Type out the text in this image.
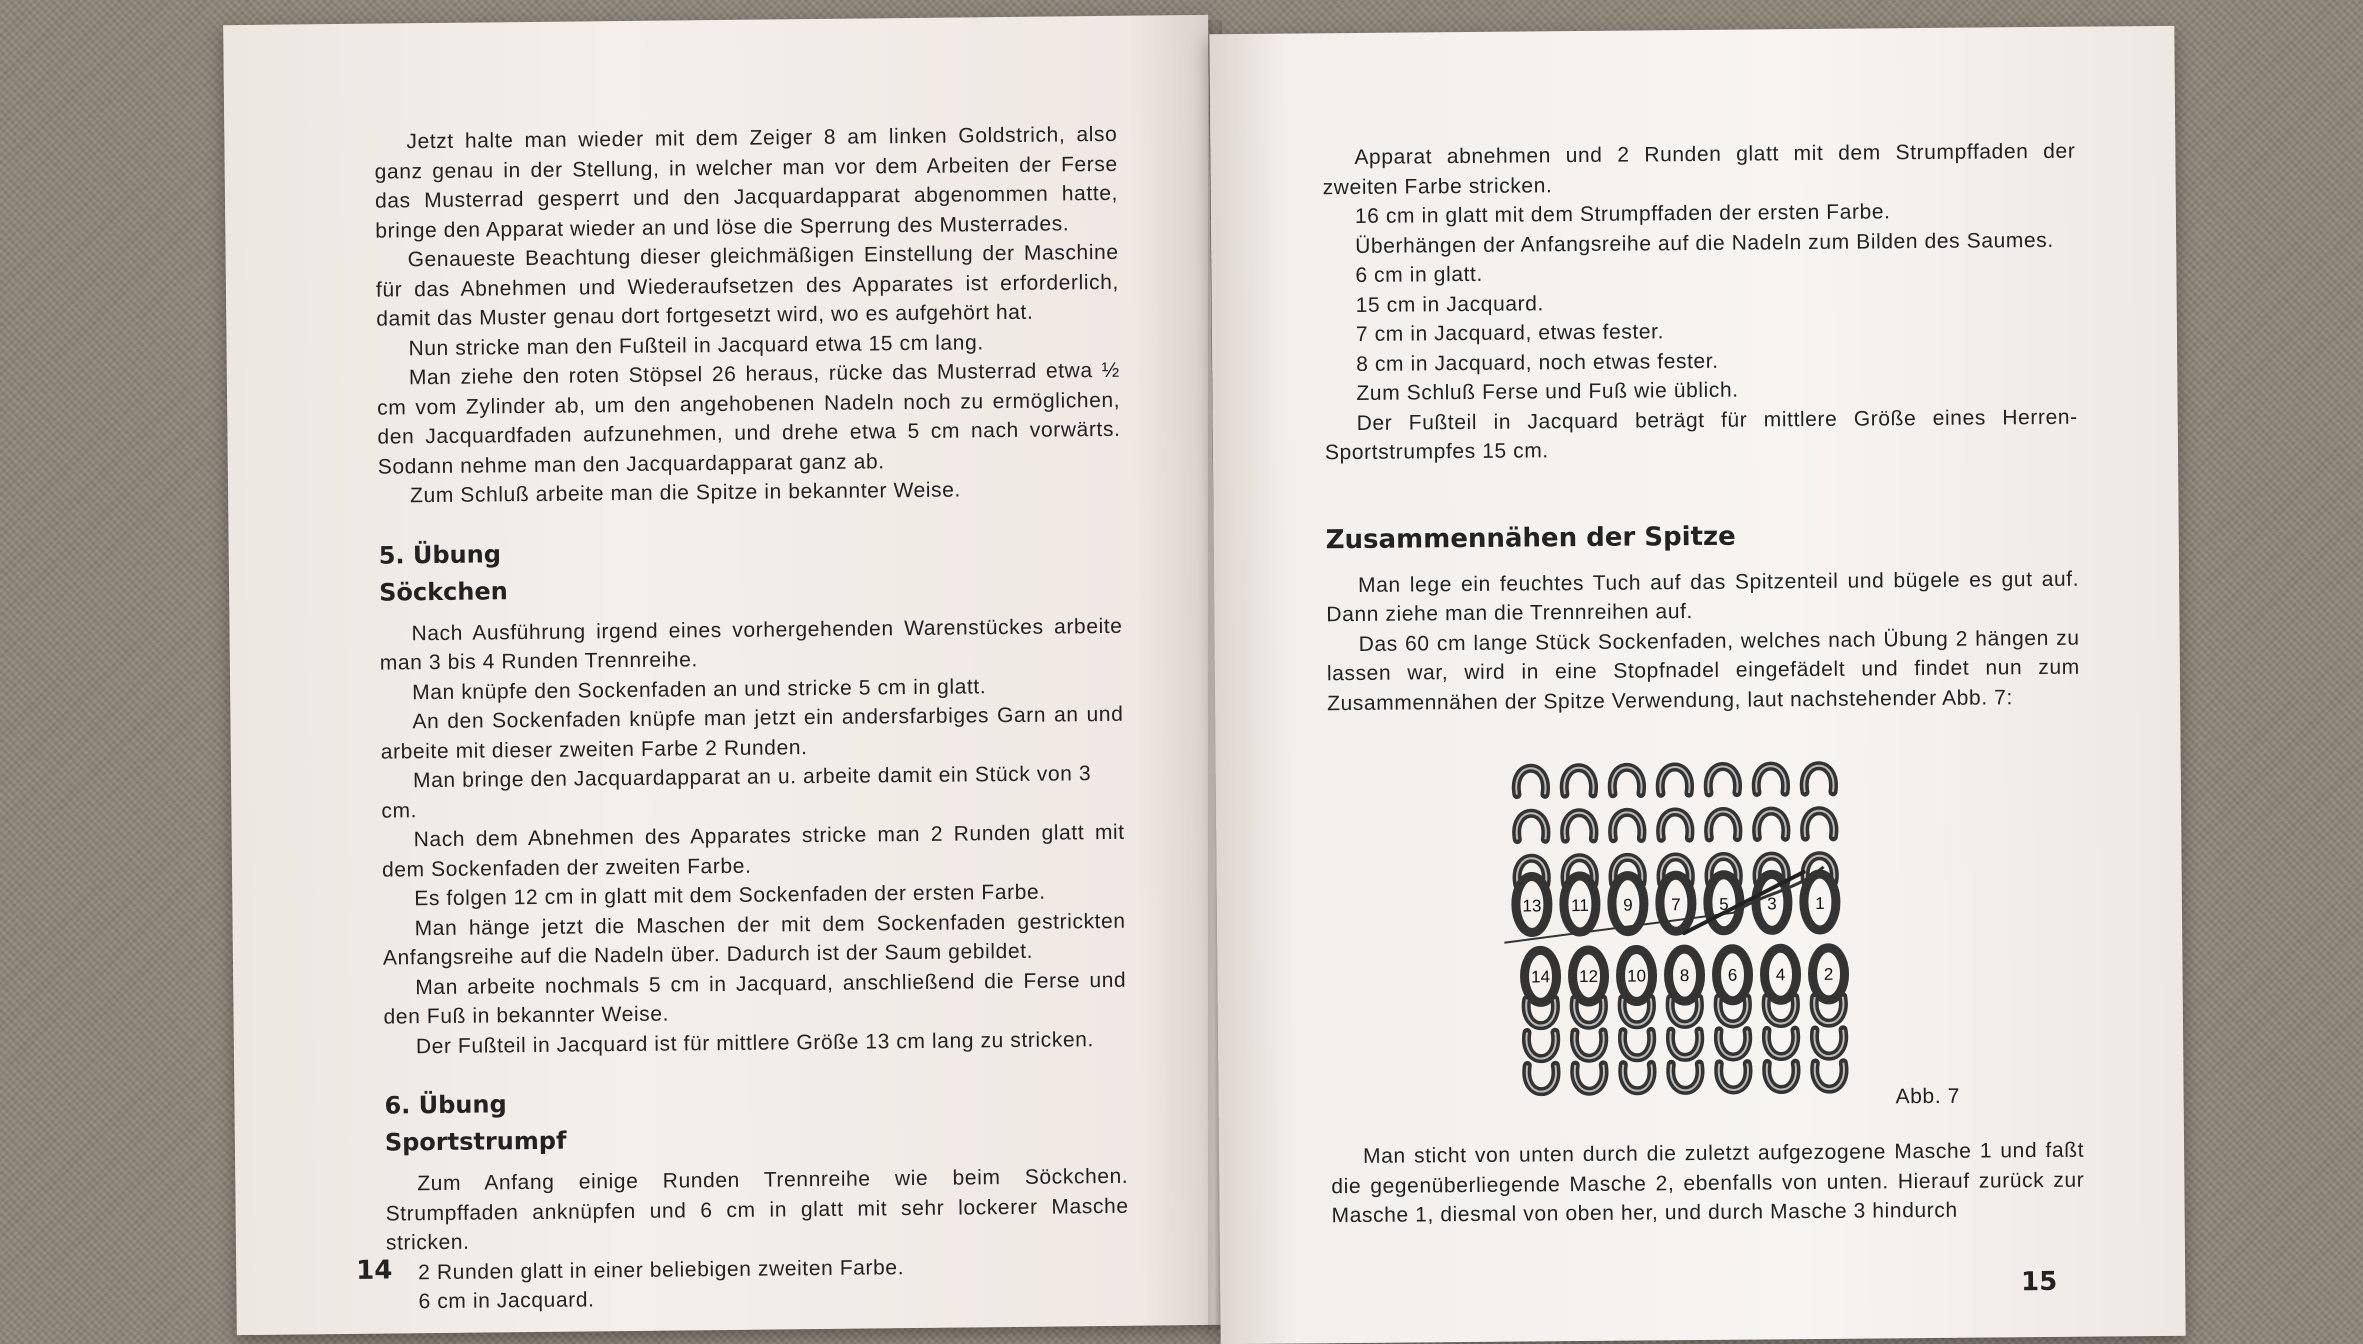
Jetzt halte man wieder mit dem Zeiger 8 am linken Goldstrich, also ganz genau in der Stellung, in welcher man vor dem Arbeiten der Ferse das Musterrad gesperrt und den Jacquardapparat abgenommen hatte, bringe den Apparat wieder an und löse die Sperrung des Musterrades.

Genaueste Beachtung dieser gleichmäßigen Einstellung der Maschine für das Abnehmen und Wiederaufsetzen des Apparates ist erforderlich, damit das Muster genau dort fortgesetzt wird, wo es aufgehört hat.

Nun stricke man den Fußteil in Jacquard etwa 15 cm lang.

Man ziehe den roten Stöpsel 26 heraus, rücke das Musterrad etwa ½ cm vom Zylinder ab, um den angehobenen Nadeln noch zu ermöglichen, den Jacquardfaden aufzunehmen, und drehe etwa 5 cm nach vorwärts. Sodann nehme man den Jacquardapparat ganz ab.

Zum Schluß arbeite man die Spitze in bekannter Weise.

5. Übung
Söckchen

Nach Ausführung irgend eines vorhergehenden Warenstückes arbeite man 3 bis 4 Runden Trennreihe.

Man knüpfe den Sockenfaden an und stricke 5 cm in glatt.

An den Sockenfaden knüpfe man jetzt ein andersfarbiges Garn an und arbeite mit dieser zweiten Farbe 2 Runden.

Man bringe den Jacquardapparat an u. arbeite damit ein Stück von 3 cm.

Nach dem Abnehmen des Apparates stricke man 2 Runden glatt mit dem Sockenfaden der zweiten Farbe.

Es folgen 12 cm in glatt mit dem Sockenfaden der ersten Farbe.

Man hänge jetzt die Maschen der mit dem Sockenfaden gestrickten Anfangsreihe auf die Nadeln über. Dadurch ist der Saum gebildet.

Man arbeite nochmals 5 cm in Jacquard, anschließend die Ferse und den Fuß in bekannter Weise.

Der Fußteil in Jacquard ist für mittlere Größe 13 cm lang zu stricken.

6. Übung
Sportstrumpf

Zum Anfang einige Runden Trennreihe wie beim Söckchen. Strumpffaden anknüpfen und 6 cm in glatt mit sehr lockerer Masche stricken.

2 Runden glatt in einer beliebigen zweiten Farbe.

6 cm in Jacquard.

14

Apparat abnehmen und 2 Runden glatt mit dem Strumpffaden der zweiten Farbe stricken.

16 cm in glatt mit dem Strumpffaden der ersten Farbe.

Überhängen der Anfangsreihe auf die Nadeln zum Bilden des Saumes.

6 cm in glatt.

15 cm in Jacquard.

7 cm in Jacquard, etwas fester.

8 cm in Jacquard, noch etwas fester.

Zum Schluß Ferse und Fuß wie üblich.

Der Fußteil in Jacquard beträgt für mittlere Größe eines Herren-Sportstrumpfes 15 cm.

Zusammennähen der Spitze

Man lege ein feuchtes Tuch auf das Spitzenteil und bügele es gut auf. Dann ziehe man die Trennreihen auf.

Das 60 cm lange Stück Sockenfaden, welches nach Übung 2 hängen zu lassen war, wird in eine Stopfnadel eingefädelt und findet nun zum Zusammennähen der Spitze Verwendung, laut nachstehender Abb. 7:

13 11 9 7 5 3 1
14 12 10 8 6 4 2
Abb. 7

Man sticht von unten durch die zuletzt aufgezogene Masche 1 und faßt die gegenüberliegende Masche 2, ebenfalls von unten. Hierauf zurück zur Masche 1, diesmal von oben her, und durch Masche 3 hindurch

15
